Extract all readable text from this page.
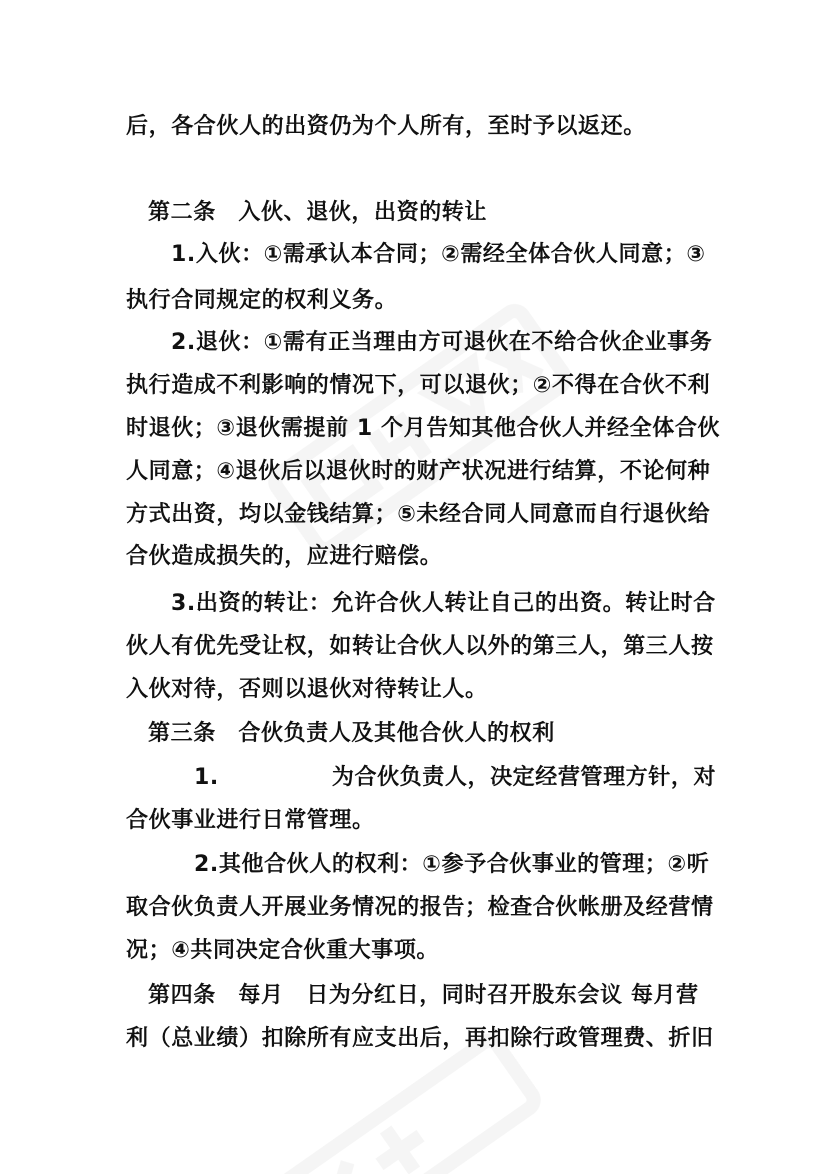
后，各合伙人的出资仍为个人所有，至时予以返还。
第二条　入伙、退伙，出资的转让
1.入伙：①需承认本合同；②需经全体合伙人同意；③
执行合同规定的权利义务。
2.退伙：①需有正当理由方可退伙在不给合伙企业事务
执行造成不利影响的情况下，可以退伙；②不得在合伙不利
时退伙；③退伙需提前 1 个月告知其他合伙人并经全体合伙
人同意；④退伙后以退伙时的财产状况进行结算，不论何种
方式出资，均以金钱结算；⑤未经合同人同意而自行退伙给
合伙造成损失的，应进行赔偿。
3.出资的转让：允许合伙人转让自己的出资。转让时合
伙人有优先受让权，如转让合伙人以外的第三人，第三人按
入伙对待，否则以退伙对待转让人。
第三条　合伙负责人及其他合伙人的权利
1.　　　　　为合伙负责人，决定经营管理方针，对
合伙事业进行日常管理。
2.其他合伙人的权利：①参予合伙事业的管理；②听
取合伙负责人开展业务情况的报告；检查合伙帐册及经营情
况；④共同决定合伙重大事项。
第四条　每月　日为分红日，同时召开股东会议 每月营
利（总业绩）扣除所有应支出后，再扣除行政管理费、折旧
